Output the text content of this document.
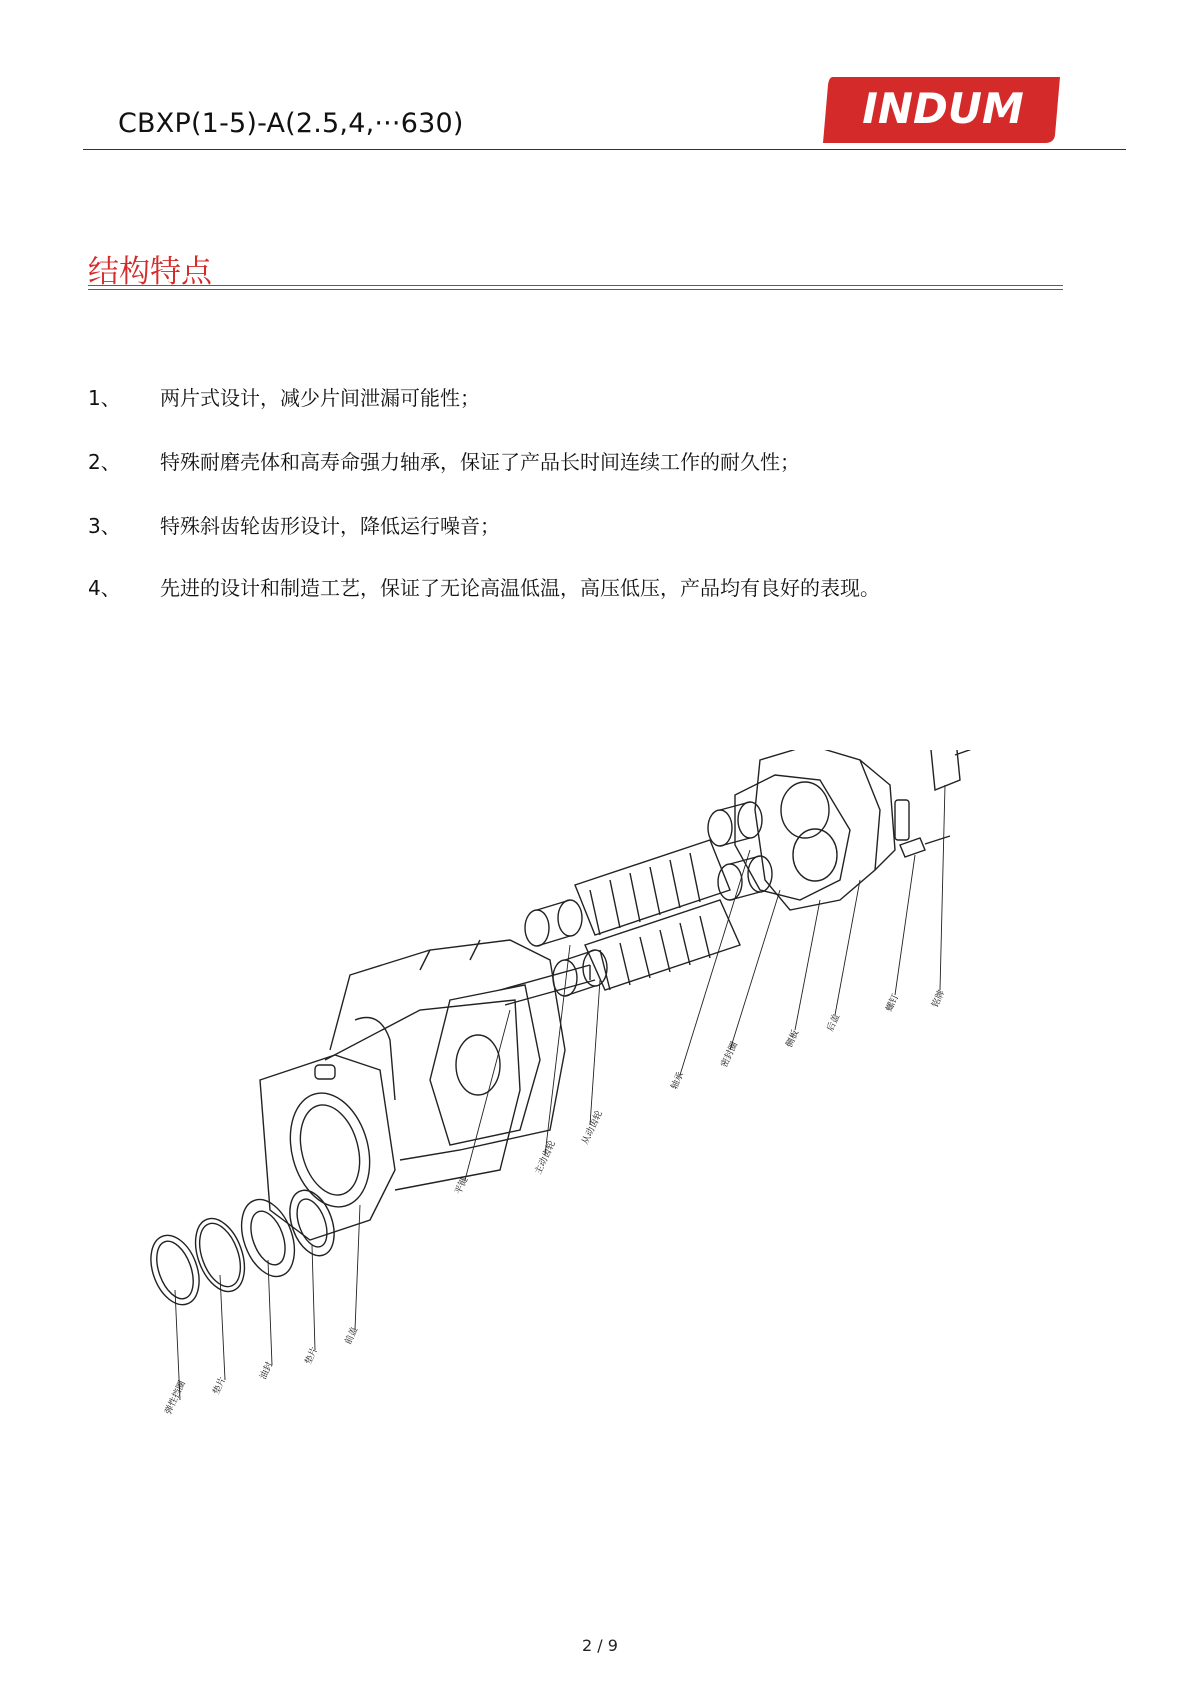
CBXP(1-5)-A(2.5,4,···630)	INDUM
结构特点
1、 两片式设计，减少片间泄漏可能性；
2、 特殊耐磨壳体和高寿命强力轴承，保证了产品长时间连续工作的耐久性；
3、 特殊斜齿轮齿形设计，降低运行噪音；
4、 先进的设计和制造工艺，保证了无论高温低温，高压低压，产品均有良好的表现。
弹性挡圈	垫片
油封
垫片
前盖
平键
主动齿轮
从动齿轮
轴承
密封圈
侧板
后盖
螺钉	铭牌
2 / 9
